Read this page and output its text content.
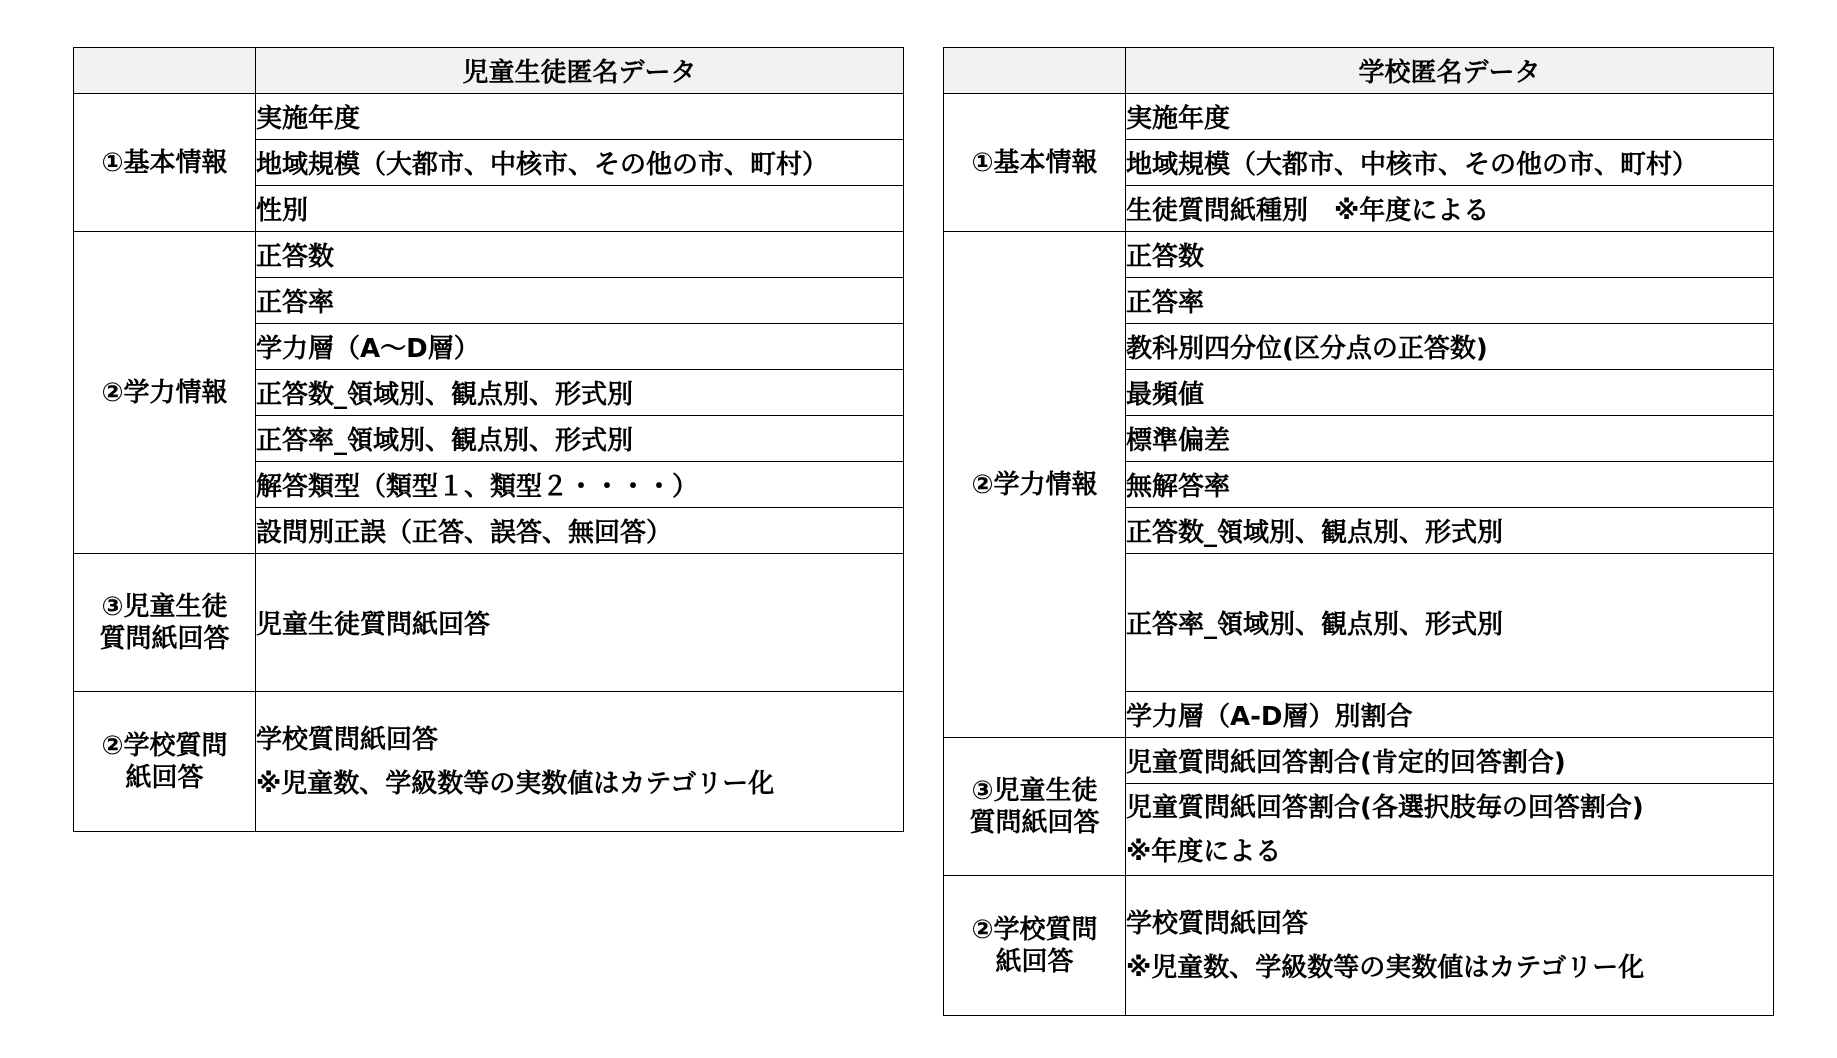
	児童生徒匿名データ
①基本情報	実施年度
	地域規模（大都市、中核市、その他の市、町村）
	性別
②学力情報	正答数
	正答率
	学力層（A～D層）
	正答数_領域別、観点別、形式別
	正答率_領域別、観点別、形式別
	解答類型（類型１、類型２・・・・）
	設問別正誤（正答、誤答、無回答）

③児童生徒
質問紙回答	児童生徒質問紙回答

②学校質問
紙回答	学校質問紙回答
※児童数、学級数等の実数値はカテゴリー化
	学校匿名データ
①基本情報	実施年度
	地域規模（大都市、中核市、その他の市、町村）
	生徒質問紙種別　※年度による
②学力情報	正答数
	正答率
	教科別四分位(区分点の正答数)
	最頻値
	標準偏差
	無解答率
	正答数_領域別、観点別、形式別
	正答率_領域別、観点別、形式別
	学力層（A-D層）別割合

③児童生徒
質問紙回答	児童質問紙回答割合(肯定的回答割合)

	児童質問紙回答割合(各選択肢毎の回答割合)
※年度による

②学校質問
紙回答	学校質問紙回答
※児童数、学級数等の実数値はカテゴリー化
